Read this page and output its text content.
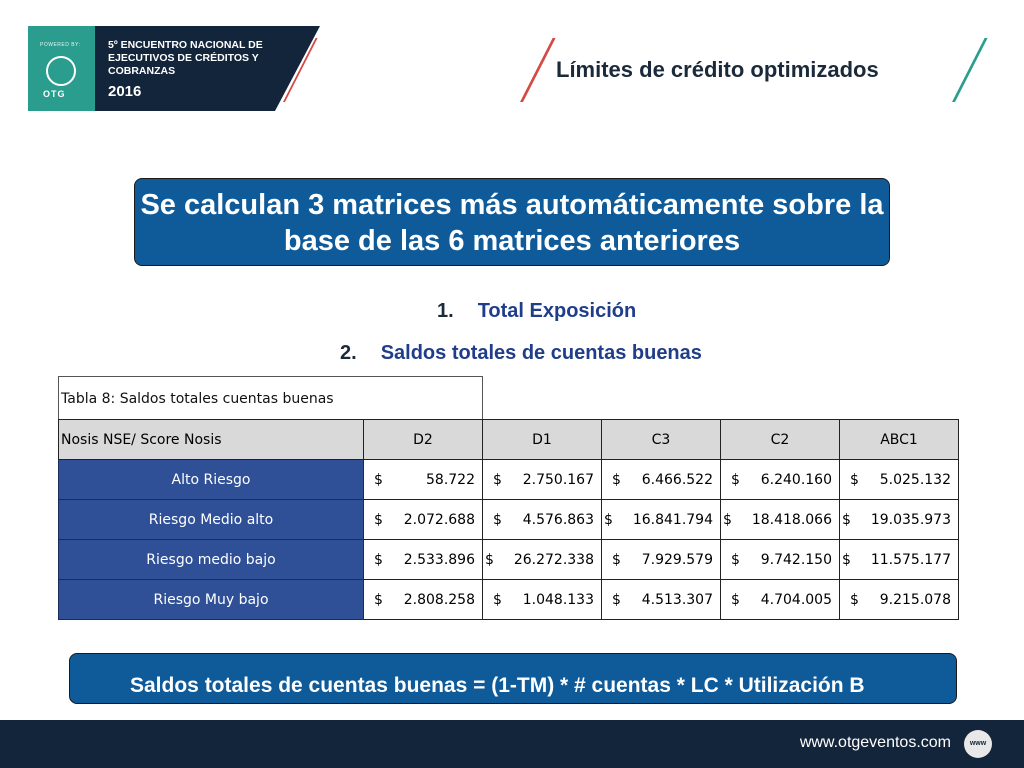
POWERED BY:
OTG
5º ENCUENTRO NACIONAL DE EJECUTIVOS DE CRÉDITOS Y COBRANZAS
2016
Límites de crédito optimizados
Se calculan 3 matrices más automáticamente sobre la base de las 6 matrices anteriores
1. Total Exposición
2. Saldos totales de cuentas buenas
Tabla 8: Saldos totales cuentas buenas
Nosis NSE/ Score Nosis	D2	D1	C3	C2	ABC1
Alto Riesgo	$ 58.722	$ 2.750.167	$ 6.466.522	$ 6.240.160	$ 5.025.132
Riesgo Medio alto	$ 2.072.688	$ 4.576.863	$ 16.841.794	$ 18.418.066	$ 19.035.973
Riesgo medio bajo	$ 2.533.896	$ 26.272.338	$ 7.929.579	$ 9.742.150	$ 11.575.177
Riesgo Muy bajo	$ 2.808.258	$ 1.048.133	$ 4.513.307	$ 4.704.005	$ 9.215.078
Saldos totales de cuentas buenas = (1-TM) * # cuentas * LC * Utilización B
www.otgeventos.com	www
